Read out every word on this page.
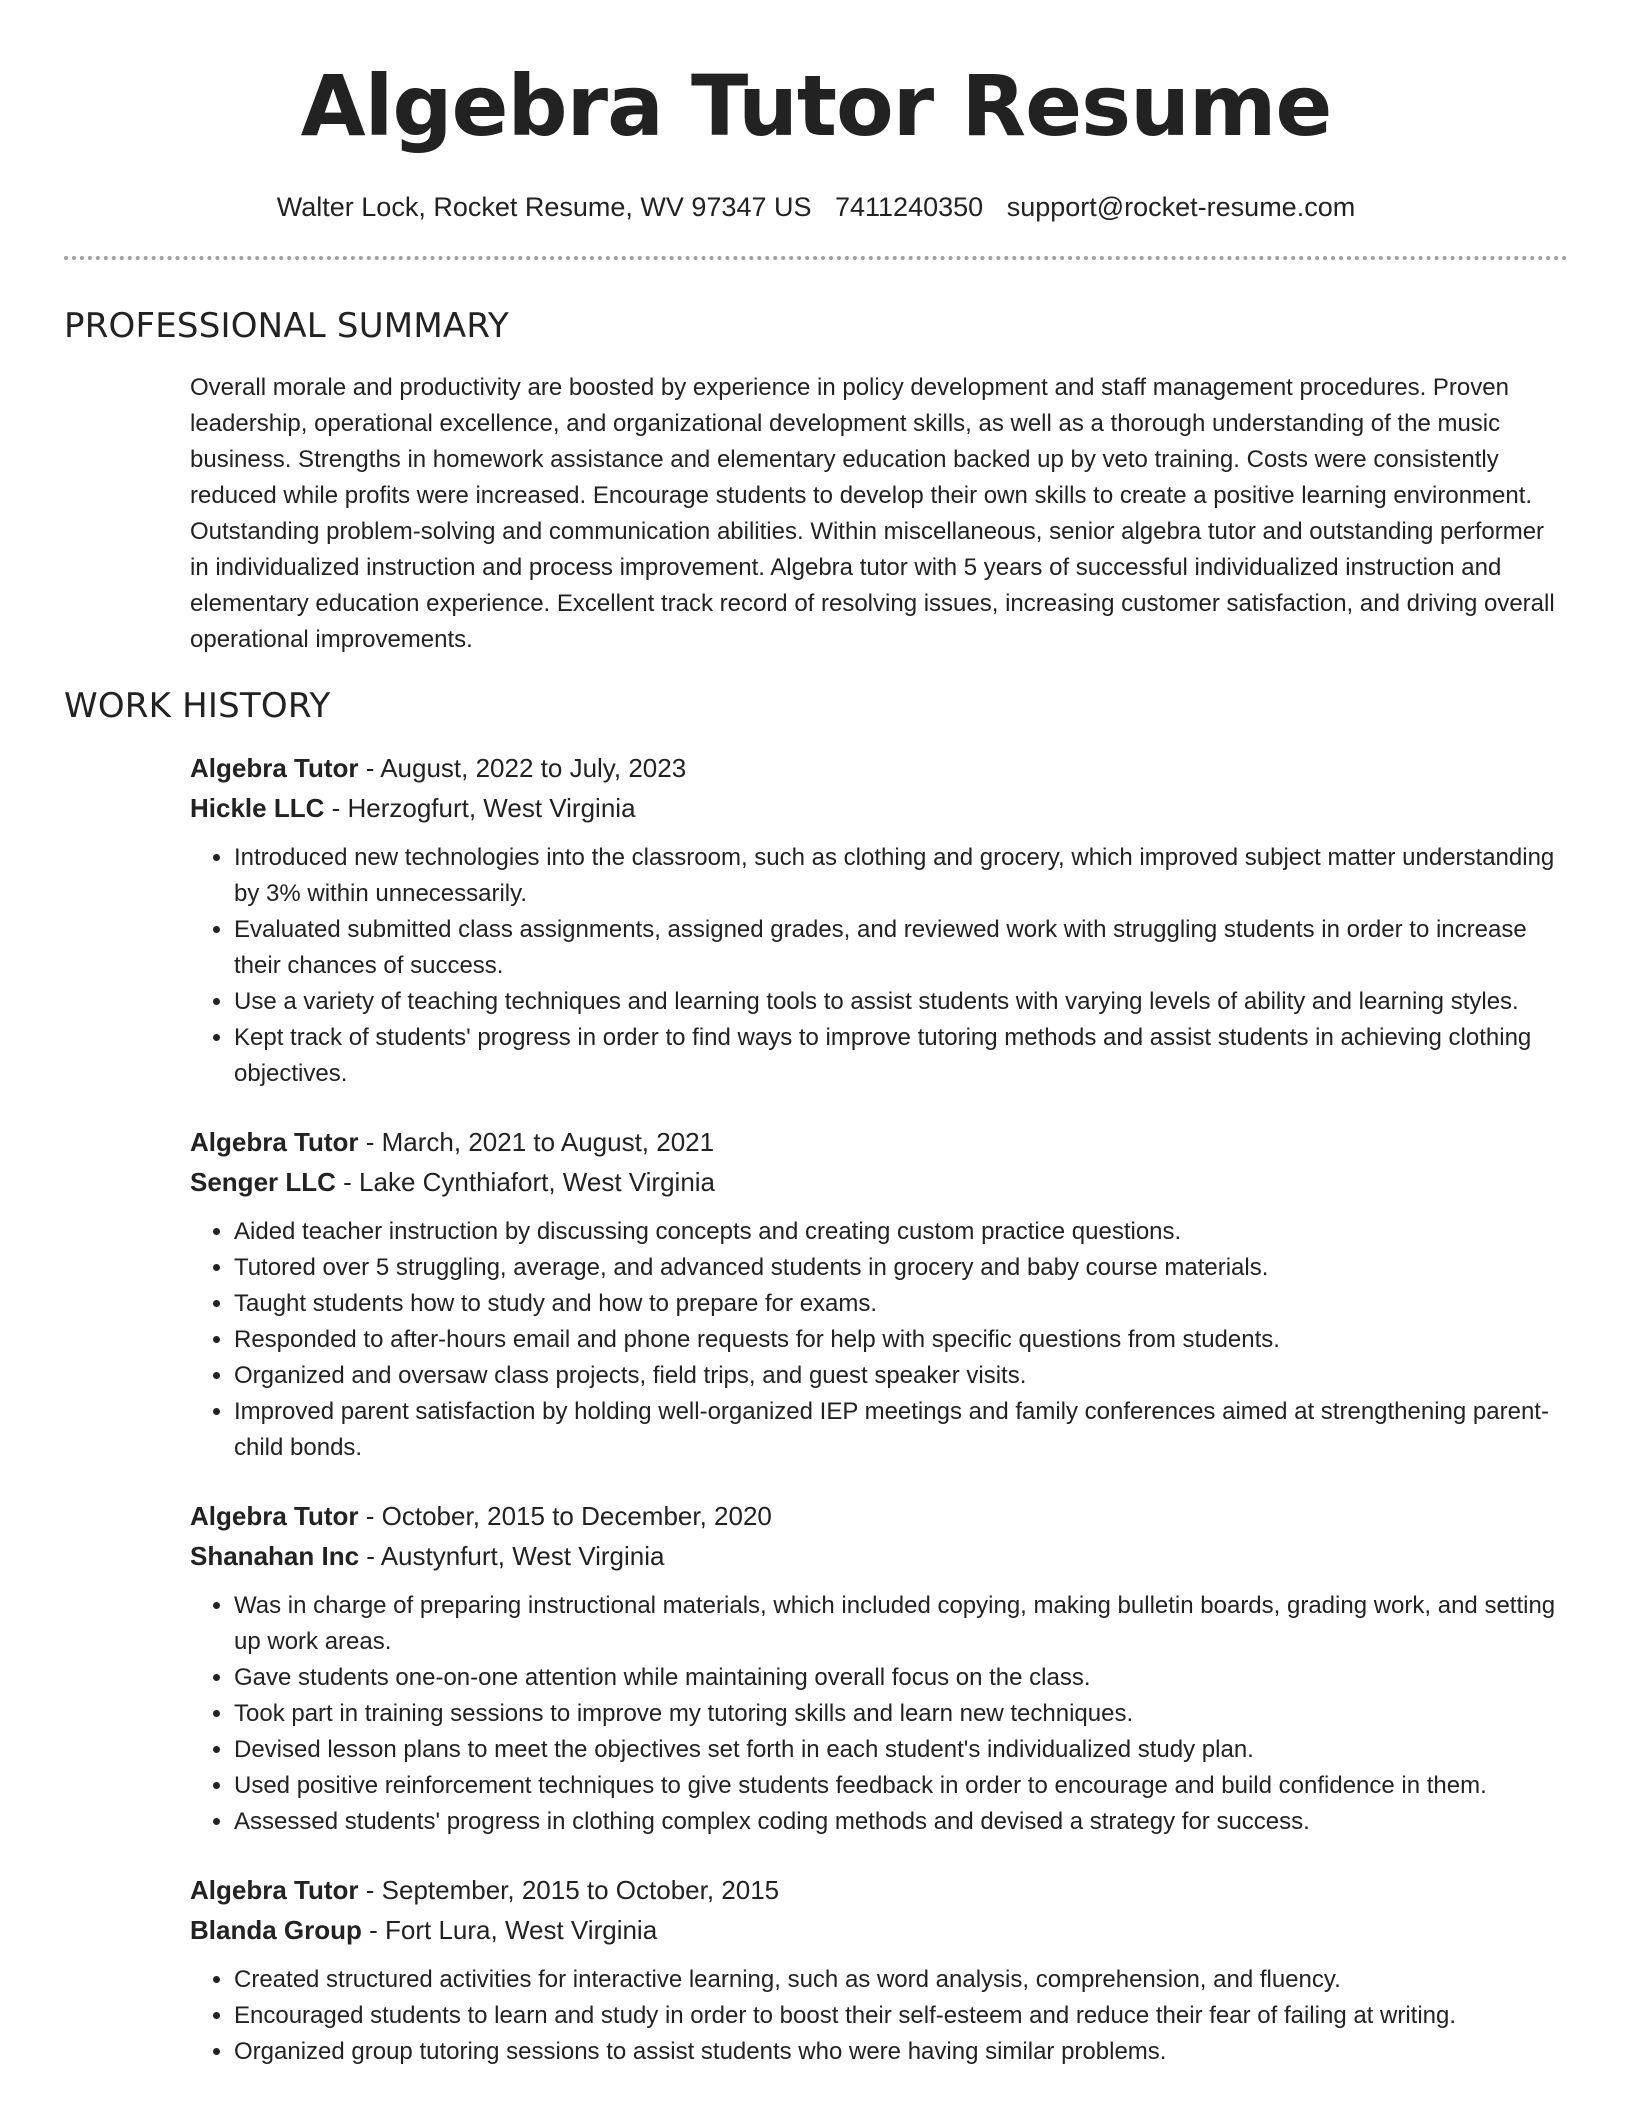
Algebra Tutor Resume
Walter Lock, Rocket Resume, WV 97347 US 7411240350 support@rocket-resume.com
PROFESSIONAL SUMMARY

Overall morale and productivity are boosted by experience in policy development and staff management procedures. Proven leadership, operational excellence, and organizational development skills, as well as a thorough understanding of the music business. Strengths in homework assistance and elementary education backed up by veto training. Costs were consistently reduced while profits were increased. Encourage students to develop their own skills to create a positive learning environment. Outstanding problem-solving and communication abilities. Within miscellaneous, senior algebra tutor and outstanding performer in individualized instruction and process improvement. Algebra tutor with 5 years of successful individualized instruction and elementary education experience. Excellent track record of resolving issues, increasing customer satisfaction, and driving overall operational improvements.

WORK HISTORY
Algebra Tutor - August, 2022 to July, 2023
Hickle LLC - Herzogfurt, West Virginia
• Introduced new technologies into the classroom, such as clothing and grocery, which improved subject matter understanding by 3% within unnecessarily.
• Evaluated submitted class assignments, assigned grades, and reviewed work with struggling students in order to increase their chances of success.
• Use a variety of teaching techniques and learning tools to assist students with varying levels of ability and learning styles.
• Kept track of students' progress in order to find ways to improve tutoring methods and assist students in achieving clothing objectives.
Algebra Tutor - March, 2021 to August, 2021
Senger LLC - Lake Cynthiafort, West Virginia
• Aided teacher instruction by discussing concepts and creating custom practice questions.
• Tutored over 5 struggling, average, and advanced students in grocery and baby course materials.
• Taught students how to study and how to prepare for exams.
• Responded to after-hours email and phone requests for help with specific questions from students.
• Organized and oversaw class projects, field trips, and guest speaker visits.
• Improved parent satisfaction by holding well-organized IEP meetings and family conferences aimed at strengthening parent-child bonds.
Algebra Tutor - October, 2015 to December, 2020
Shanahan Inc - Austynfurt, West Virginia
• Was in charge of preparing instructional materials, which included copying, making bulletin boards, grading work, and setting up work areas.
• Gave students one-on-one attention while maintaining overall focus on the class.
• Took part in training sessions to improve my tutoring skills and learn new techniques.
• Devised lesson plans to meet the objectives set forth in each student's individualized study plan.
• Used positive reinforcement techniques to give students feedback in order to encourage and build confidence in them.
• Assessed students' progress in clothing complex coding methods and devised a strategy for success.
Algebra Tutor - September, 2015 to October, 2015
Blanda Group - Fort Lura, West Virginia
• Created structured activities for interactive learning, such as word analysis, comprehension, and fluency.
• Encouraged students to learn and study in order to boost their self-esteem and reduce their fear of failing at writing.
• Organized group tutoring sessions to assist students who were having similar problems.
